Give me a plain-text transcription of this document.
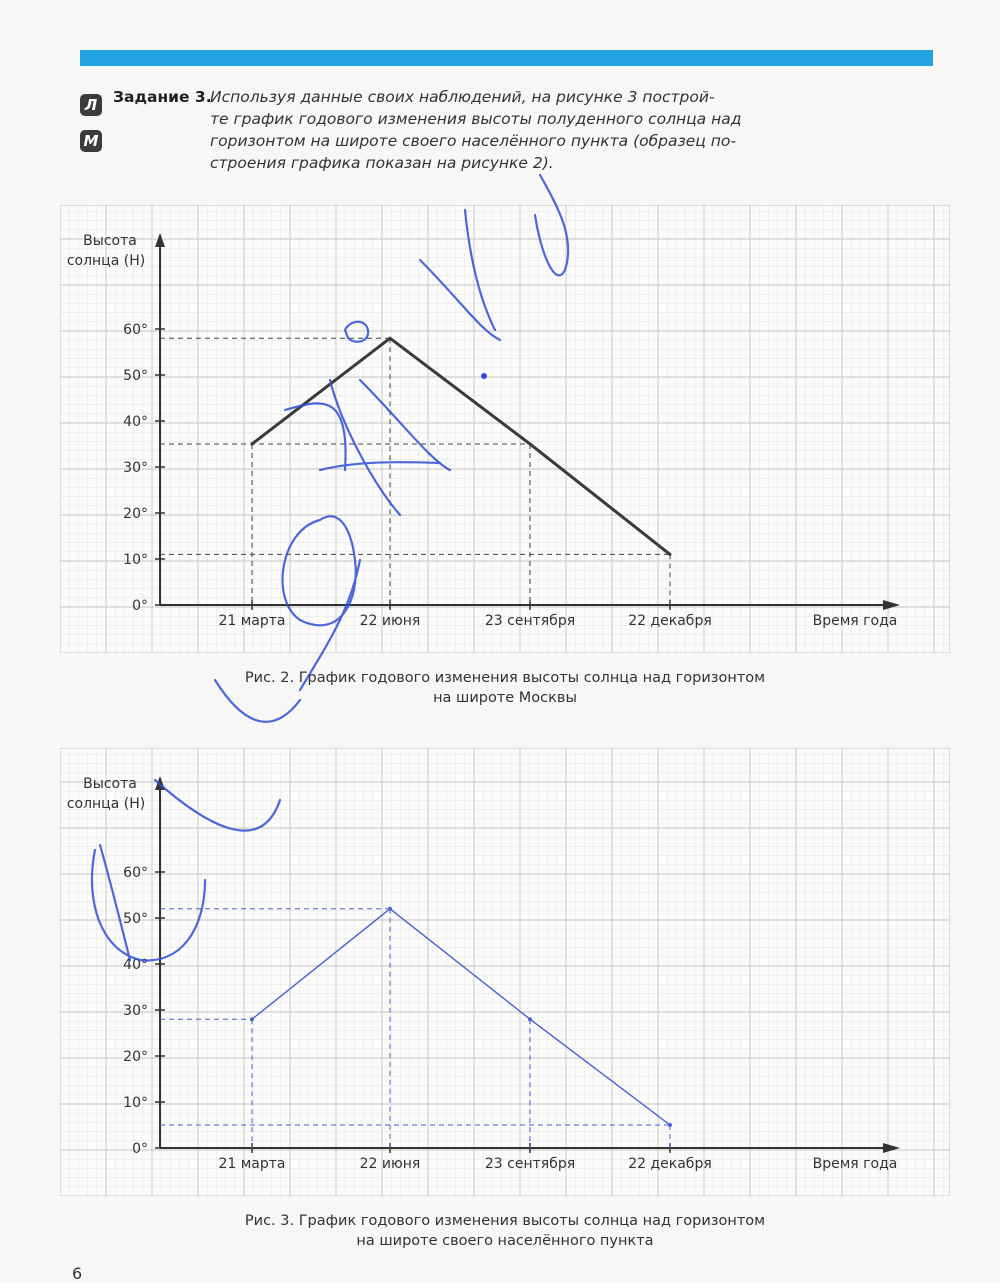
Л
М
Задание 3.
Используя данные своих наблюдений, на рисунке 3 построй-
те график годового изменения высоты полуденного солнца над
горизонтом на широте своего населённого пункта (образец по-
строения графика показан на рисунке 2).
0°
10°
20°
30°
40°
50°
60°
21 марта	22 июня	23 сентября	22 декабря
Высота
солнца (H)
Время года
Рис. 2. График годового изменения высоты солнца над горизонтом
на широте Москвы
0°
10°
20°
30°
40°
50°
60°
21 марта	22 июня	23 сентября	22 декабря
Высота
солнца (H)
Время года
Рис. 3. График годового изменения высоты солнца над горизонтом
на широте своего населённого пункта
6
